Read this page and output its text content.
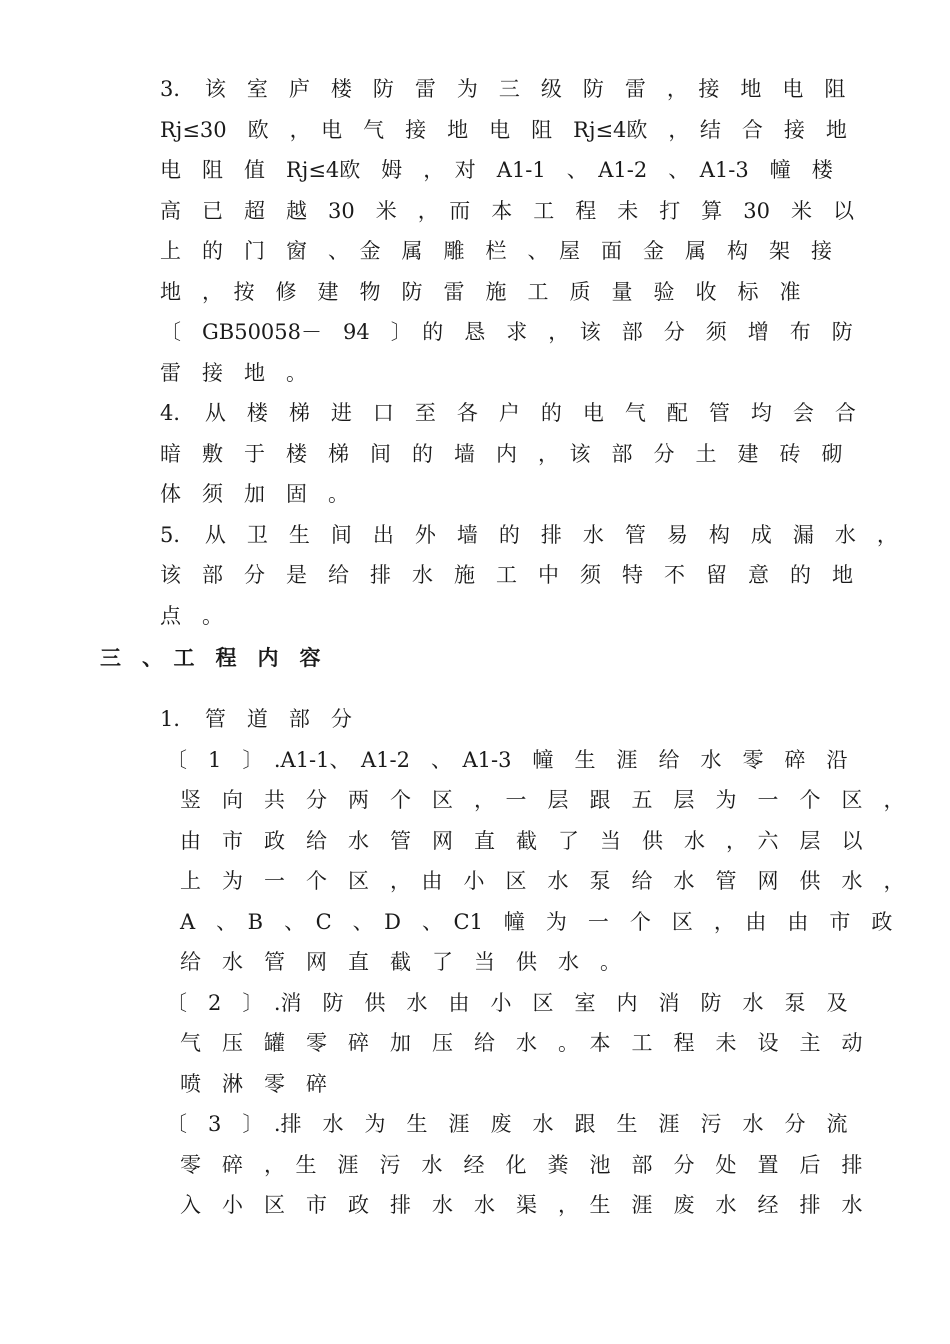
3．　该　室　庐　楼　防　雷　为　三　级　防　雷　，　接　地　电　阻
Rj≤30　欧　，　电　气　接　地　电　阻　Rj≤4欧　，　结　合　接　地
电　阻　值　Rj≤4欧　姆　，　对　A1-1　、　A1-2　、　A1-3　幢　楼
高　已　超　越　30　米　，　而　本　工　程　未　打　算　30　米　以
上　的　门　窗　、　金　属　雕　栏　、　屋　面　金　属　构　架　接
地　，　按　修　建　物　防　雷　施　工　质　量　验　收　标　准
〔　GB50058－　94　〕　的　恳　求　，　该　部　分　须　增　布　防
雷　接　地　。
4．　从　楼　梯　进　口　至　各　户　的　电　气　配　管　均　会　合
暗　敷　于　楼　梯　间　的　墙　内　，　该　部　分　土　建　砖　砌
体　须　加　固　。
5．　从　卫　生　间　出　外　墙　的　排　水　管　易　构　成　漏　水　，
该　部　分　是　给　排　水　施　工　中　须　特　不　留　意　的　地
点　。
三　、　工　程　内　容
1．　管　道　部　分
〔　1　〕　.A1-1、　A1-2　、　A1-3　幢　生　涯　给　水　零　碎　沿
竖　向　共　分　两　个　区　，　一　层　跟　五　层　为　一　个　区　，
由　市　政　给　水　管　网　直　截　了　当　供　水　，　六　层　以
上　为　一　个　区　，　由　小　区　水　泵　给　水　管　网　供　水　，
A　、　B　、　C　、　D　、　C1　幢　为　一　个　区　，　由　由　市　政
给　水　管　网　直　截　了　当　供　水　。
〔　2　〕　.消　防　供　水　由　小　区　室　内　消　防　水　泵　及
气　压　罐　零　碎　加　压　给　水　。　本　工　程　未　设　主　动
喷　淋　零　碎
〔　3　〕　.排　水　为　生　涯　废　水　跟　生　涯　污　水　分　流
零　碎　，　生　涯　污　水　经　化　粪　池　部　分　处　置　后　排
入　小　区　市　政　排　水　水　渠　，　生　涯　废　水　经　排　水
